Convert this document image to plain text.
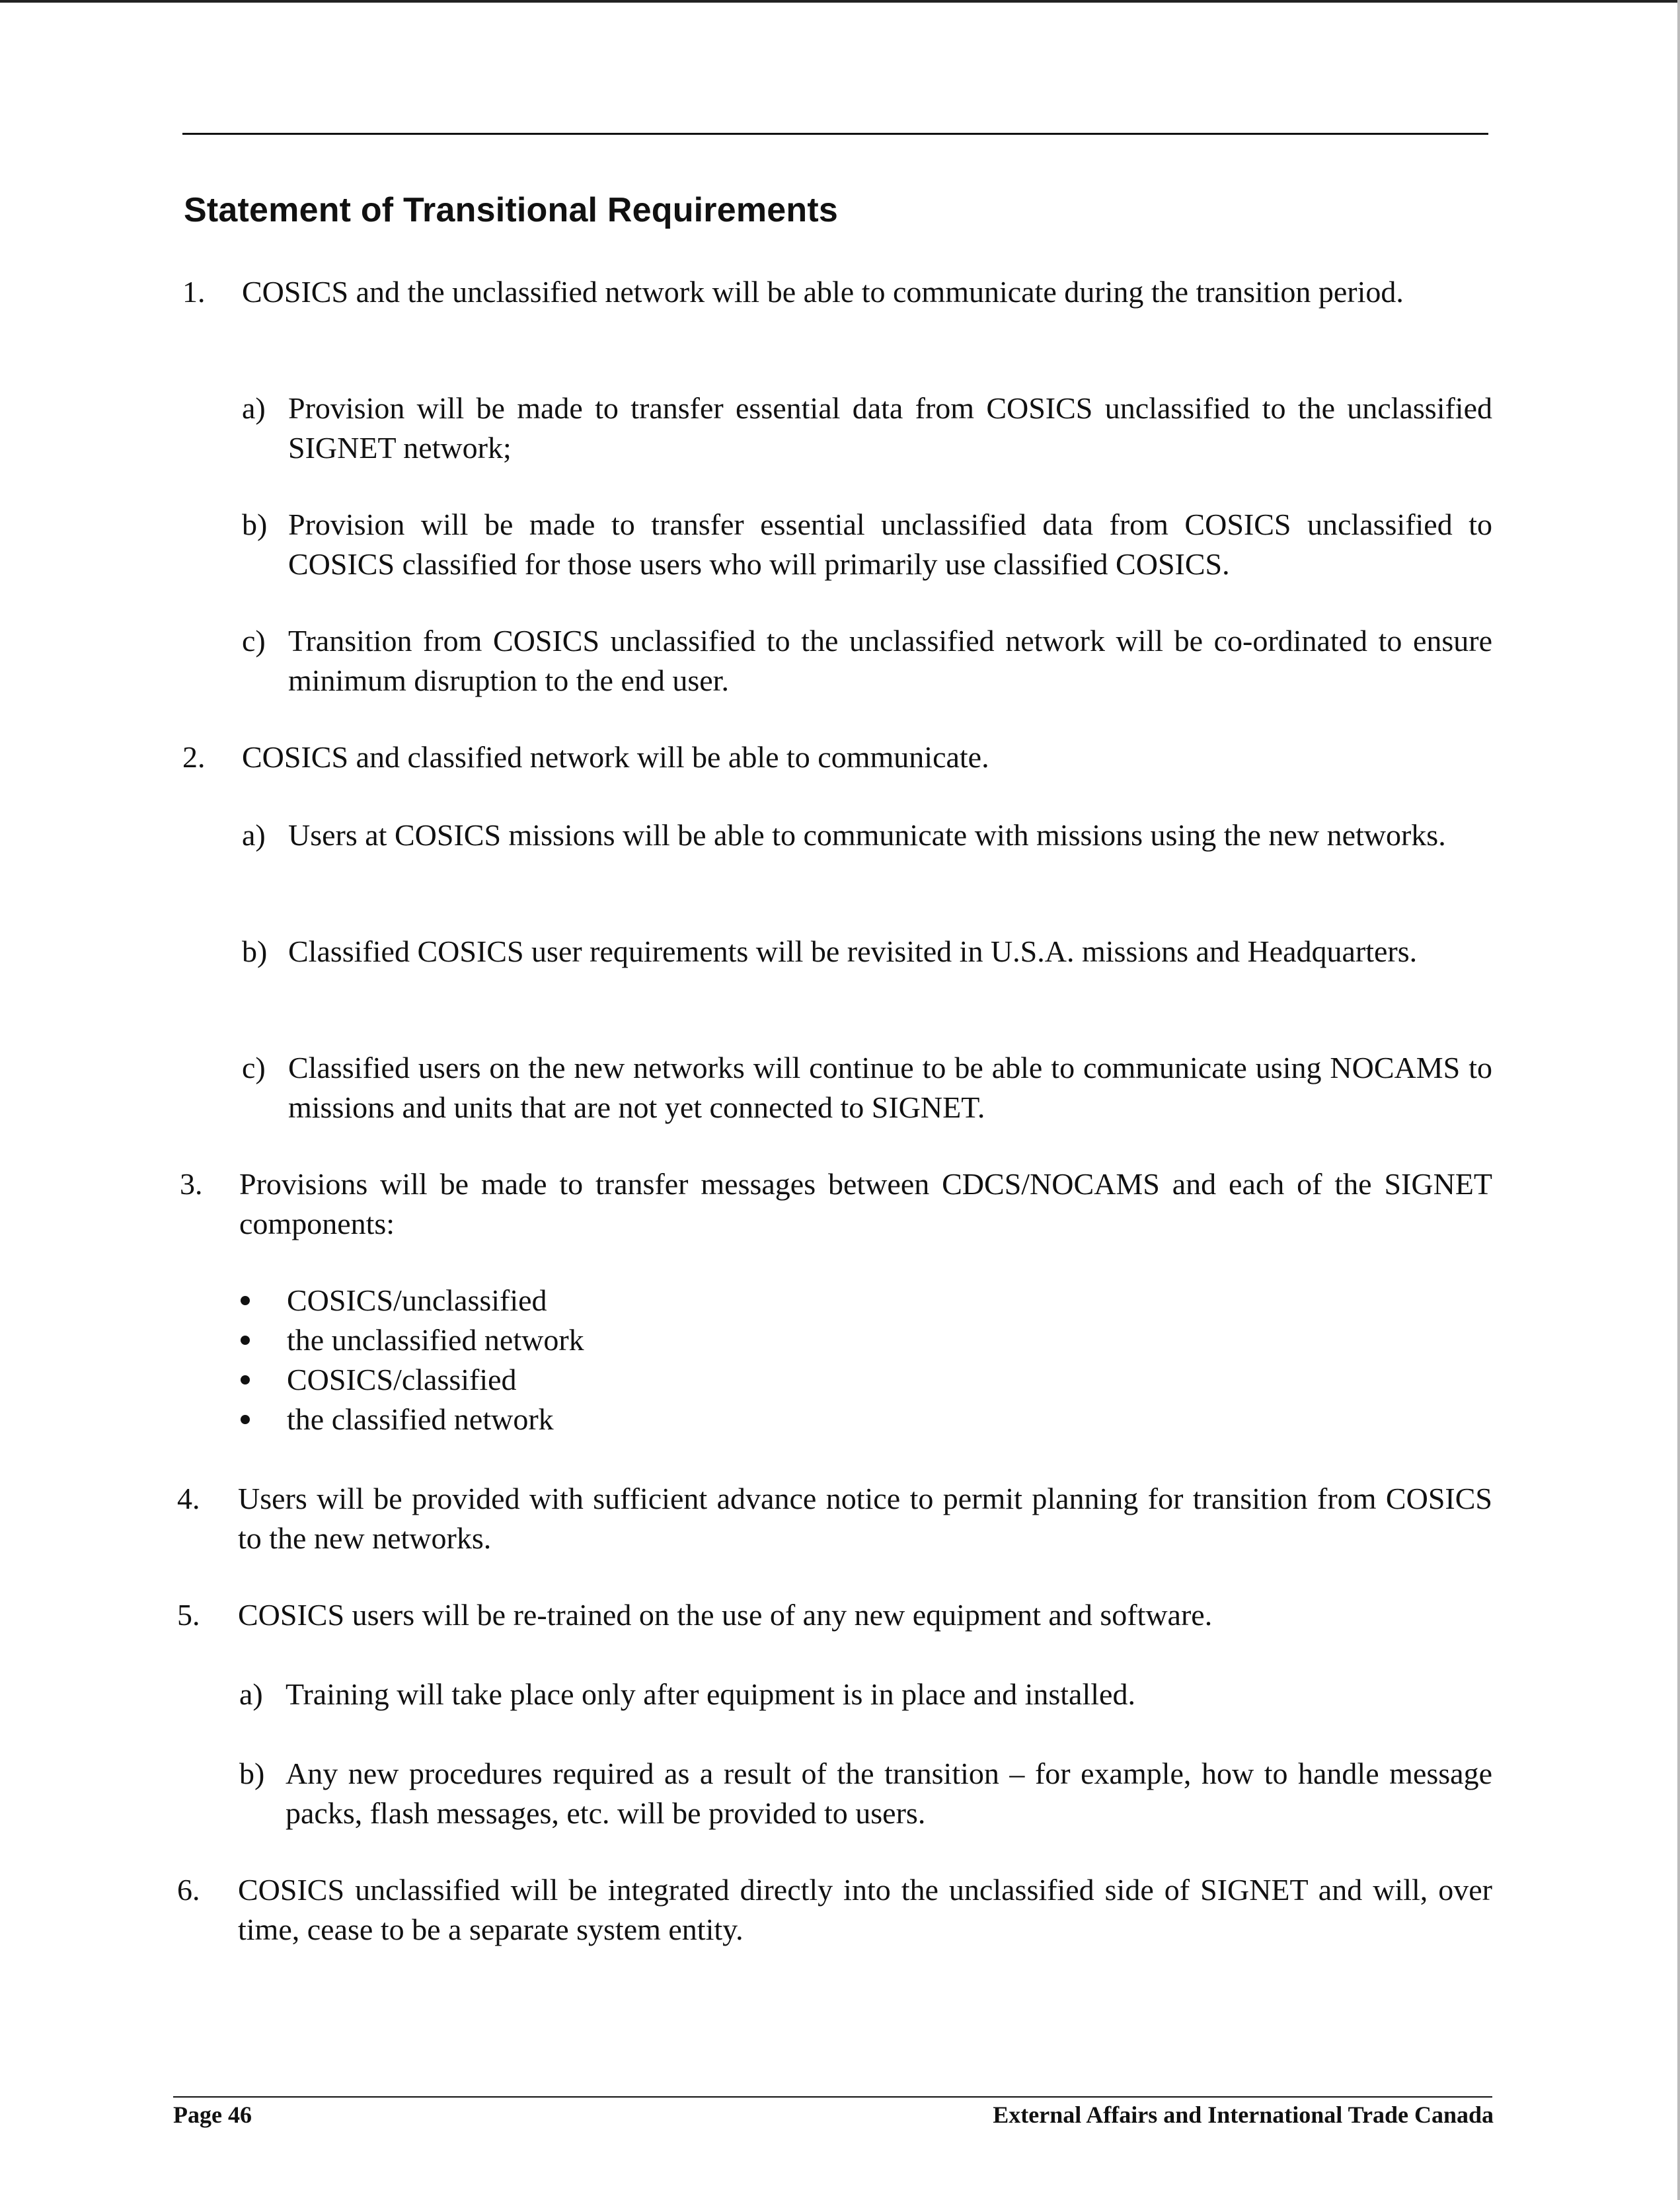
Statement of Transitional Requirements
1. COSICS and the unclassified network will be able to communicate during the transition period.
a) Provision will be made to transfer essential data from COSICS unclassified to the unclassified SIGNET network;
b) Provision will be made to transfer essential unclassified data from COSICS unclassified to COSICS classified for those users who will primarily use classified COSICS.
c) Transition from COSICS unclassified to the unclassified network will be co-ordinated to ensure minimum disruption to the end user.
2. COSICS and classified network will be able to communicate.
a) Users at COSICS missions will be able to communicate with missions using the new networks.
b) Classified COSICS user requirements will be revisited in U.S.A. missions and Headquarters.
c) Classified users on the new networks will continue to be able to communicate using NOCAMS to missions and units that are not yet connected to SIGNET.
3. Provisions will be made to transfer messages between CDCS/NOCAMS and each of the SIGNET components:
COSICS/unclassified
the unclassified network
COSICS/classified
the classified network
4. Users will be provided with sufficient advance notice to permit planning for transition from COSICS to the new networks.
5. COSICS users will be re-trained on the use of any new equipment and software.
a) Training will take place only after equipment is in place and installed.
b) Any new procedures required as a result of the transition – for example, how to handle message packs, flash messages, etc. will be provided to users.
6. COSICS unclassified will be integrated directly into the unclassified side of SIGNET and will, over time, cease to be a separate system entity.
Page 46	External Affairs and International Trade Canada
